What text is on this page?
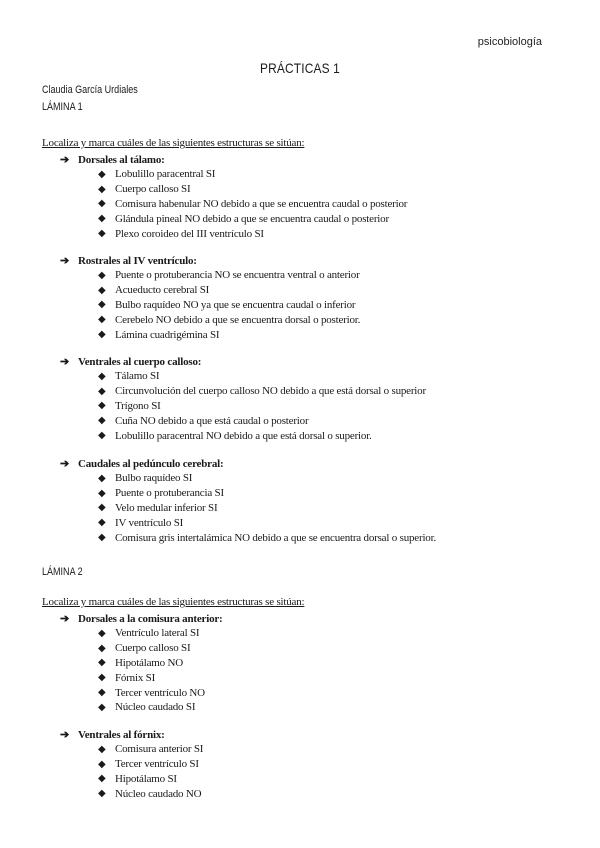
psicobiología
PRÁCTICAS 1
Claudia García Urdiales
LÁMINA 1
Localiza y marca cuáles de las siguientes estructuras se sitúan:
➔ Dorsales al tálamo:
◆ Lobulillo paracentral SI
◆ Cuerpo calloso SI
◆ Comisura habenular NO debido a que se encuentra caudal o posterior
◆ Glándula pineal NO debido a que se encuentra caudal o posterior
◆ Plexo coroideo del III ventrículo SI
➔ Rostrales al IV ventrículo:
◆ Puente o protuberancia NO se encuentra ventral o anterior
◆ Acueducto cerebral SI
◆ Bulbo raquídeo NO ya que se encuentra caudal o inferior
◆ Cerebelo NO debido a que se encuentra dorsal o posterior.
◆ Lámina cuadrigémina SI
➔ Ventrales al cuerpo calloso:
◆ Tálamo SI
◆ Circunvolución del cuerpo calloso NO debido a que está dorsal o superior
◆ Trígono SI
◆ Cuña NO debido a que está caudal o posterior
◆ Lobulillo paracentral NO debido a que está dorsal o superior.
➔ Caudales al pedúnculo cerebral:
◆ Bulbo raquídeo SI
◆ Puente o protuberancia SI
◆ Velo medular inferior SI
◆ IV ventrículo SI
◆ Comisura gris intertalámica NO debido a que se encuentra dorsal o superior.
LÁMINA 2
Localiza y marca cuáles de las siguientes estructuras se sitúan:
➔ Dorsales a la comisura anterior:
◆ Ventrículo lateral SI
◆ Cuerpo calloso SI
◆ Hipotálamo NO
◆ Fórnix SI
◆ Tercer ventrículo NO
◆ Núcleo caudado SI
➔ Ventrales al fórnix:
◆ Comisura anterior SI
◆ Tercer ventrículo SI
◆ Hipotálamo SI
◆ Núcleo caudado NO
